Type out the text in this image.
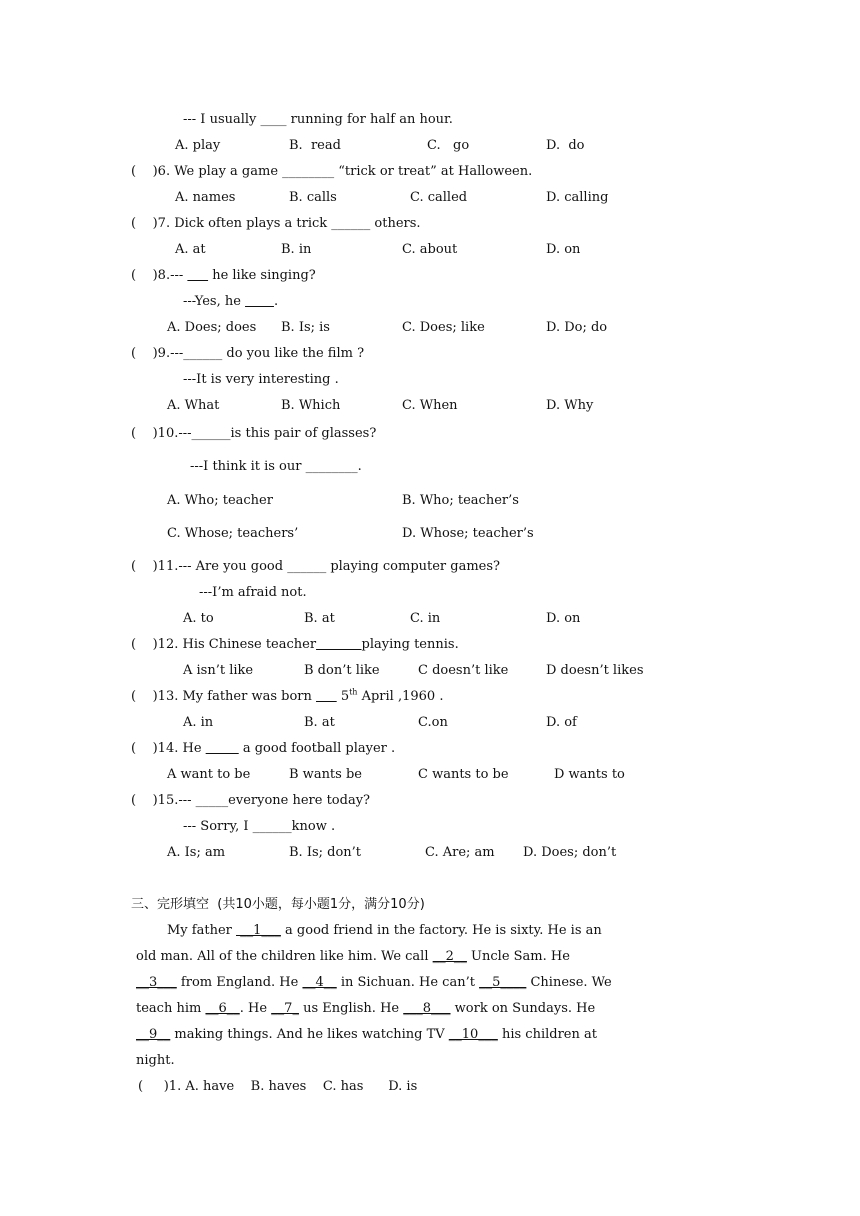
--- I usually ____ running for half an hour.
A. play	B.  read	C.   go	D.  do
(    )6. We play a game ________ “trick or treat” at Halloween.
A. names	B. calls	C. called	D. calling
(    )7. Dick often plays a trick ______ others.
A. at	B. in	C. about	D. on
(    )8.---       he like singing?
---Yes, he        .
A. Does; does B. Is; is	C. Does; like	D. Do; do
(    )9.---______ do you like the film ?
---It is very interesting .
A. What	B. Which	C. When	D. Why
(    )10.---______is this pair of glasses?
---I think it is our ________.
A. Who; teacher	B. Who; teacher’s
C. Whose; teachers’	D. Whose; teacher’s
(    )11.--- Are you good ______ playing computer games?
---I’m afraid not.
A. to	B. at	C. in	D. on
(    )12. His Chinese teacher	playing tennis.
A isn’t like	B don’t like	C doesn’t like	D doesn’t likes
(    )13. My father was born       5th April ,1960 .
A. in	B. at	C.on	D. of
(    )14. He	a good football player .
A want to be	B wants be	C wants to be	D wants to
(    )15.--- _____everyone here today?
--- Sorry, I ______know .
A. Is; am	B. Is; don’t	C. Are; am D. Does; don’t
三、完形填空  (共10小题，每小题1分，满分10分)
My father  __1___ a good friend in the factory. He is sixty. He is an
old man. All of the children like him. We call __2__ Uncle Sam. He
__3___ from England. He __4__ in Sichuan. He can’t __5____ Chinese. We
teach him __6__. He __7_ us English. He ___8___ work on Sundays. He
__9__ making things. And he likes watching TV __10___ his children at
night.
(     )1. A. have    B. haves    C. has      D. is
